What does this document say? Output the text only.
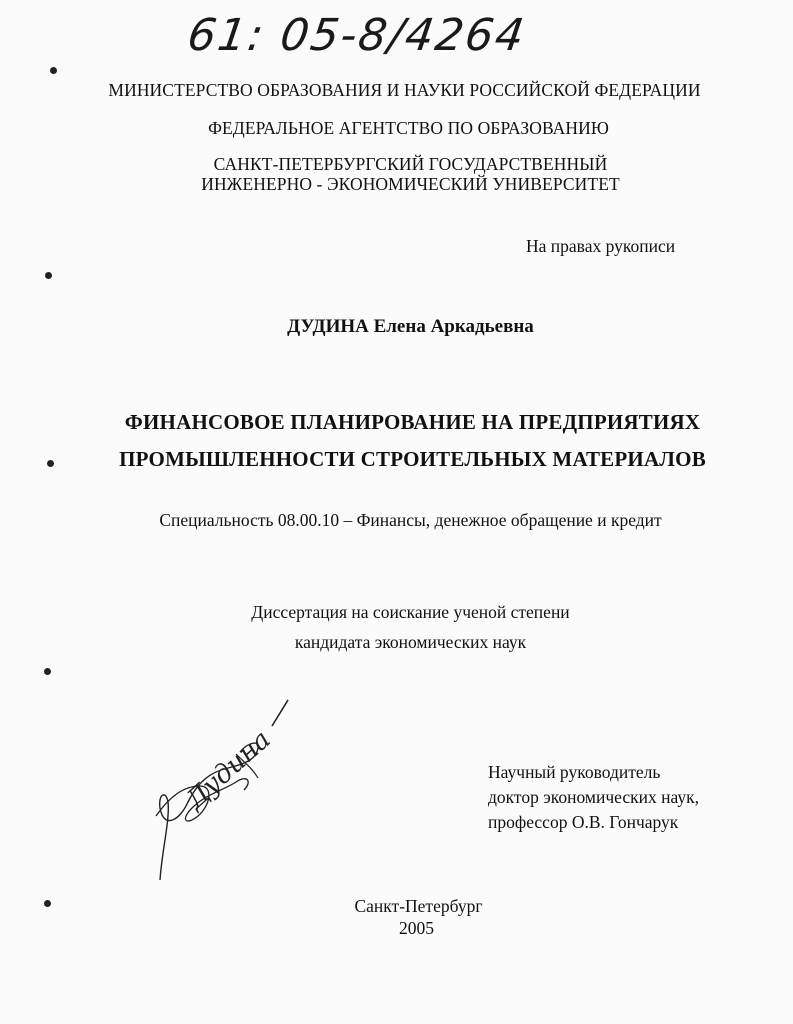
61: 05-8/4264
МИНИСТЕРСТВО ОБРАЗОВАНИЯ И НАУКИ РОССИЙСКОЙ ФЕДЕРАЦИИ
ФЕДЕРАЛЬНОЕ АГЕНТСТВО ПО ОБРАЗОВАНИЮ
САНКТ-ПЕТЕРБУРГСКИЙ ГОСУДАРСТВЕННЫЙ
ИНЖЕНЕРНО - ЭКОНОМИЧЕСКИЙ УНИВЕРСИТЕТ
На правах рукописи
ДУДИНА Елена Аркадьевна
ФИНАНСОВОЕ ПЛАНИРОВАНИЕ НА ПРЕДПРИЯТИЯХ
ПРОМЫШЛЕННОСТИ СТРОИТЕЛЬНЫХ МАТЕРИАЛОВ
Специальность 08.00.10 – Финансы, денежное обращение и кредит
Диссертация на соискание ученой степени
кандидата экономических наук
Дудина	Научный руководитель
доктор экономических наук,
профессор О.В. Гончарук
Санкт-Петербург
2005
